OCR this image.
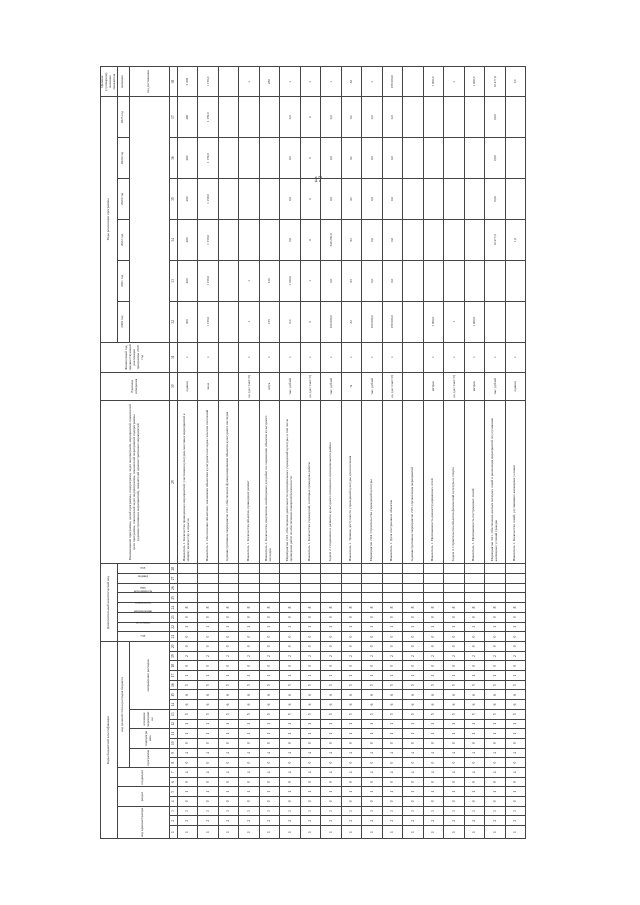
17
Коды бюджетной классификации																				Дополнительный аналитический код								Наименование программы, целей программы, подпрограмм, задач подпрограмм, мероприятий, показателей цели программы, показателей задач подпрограммы, показателей мероприятий подпрограммы (административных мероприятий), показателей административных мероприятий	Единица измерения	Финансовый год, предшествующий реализации программы 2019 год	Годы реализации программы						Целевое (суммарное) значение показателя
код администратора			раздел		подраздел		код целевой статьи расходов бюджета													год	источник	направление	показатель	исполнитель	вид	подвид	код				2020 год	2021 год	2022 год	2023 год	2024 год	2025 год	значение
							программа		подпрограмма		основное мероприятие		направление расходов																								год достижения
1	2	3	4	5	6	7	8	9	10	11	12	13	14	15	16	17	18	19	20	21	22	23	24	25	26	27	28	29	30	31	32	33	34	35	36	37	38
1	2	3	0	1	0	4	0	4	0	1	1	5	6	6	5	1	0	2	0	0	1	0	8					Показатель 1. Количество проведенных мероприятий, участников культурно-массовых мероприятий к общему количеству в отрасли	единиц	х	300	400	480	480	480	480	2 208
1	2	3	0	1	0	4	0	4	0	1	1	5	6	6	5	1	0	2	0	0	1	0	8					Показатель 2. Обеспечение объектами, значимыми объектами культурного наследия сельских поселений	кв.м	х	1 159,0	1 159,0	1 159,0	1 159,0	1 159,0	1 159,0	1 159,0
1	2	3	0	1	0	4	0	4	0	1	1	5	6	6	5	1	0	2	0	0	1	0	8					Административное мероприятие 2.02. Обеспечение функционирования объектов культурного наследия									
1	2	3	0	1	0	4	0	4	0	1	1	5	6	6	5	1	0	2	0	0	1	0	8					Показатель 1. Количество объектов, прошедших ремонт	ед. (да=1/нет=0)	х	1	1					х
1	2	3	0	1	0	4	0	4	0	1	1	5	6	6	5	1	0	2	0	0	1	0	8					Показатель 2. Количество документов, необходимых для работ по сохранению объектов культурного наследия	штук	х	155	120					280
1	2	3	0	1	0	4	0	4	0	1	1	5	6	6	5	1	0	2	0	0	1	0	8					Мероприятие 2.03. Обеспечение деятельности муниципальных учреждений культуры, в том числе проведение работ по обеспечению пожарной безопасности	тыс. рублей	х	0,0	1 030,0	0,0	0,0	0,0	0,0	х
1	2	3	0	1	0	4	0	4	0	1	1	5	6	6	5	1	0	2	0	0	1	0	8					Показатель 1. Количество учреждений, в которых проведены работы	ед. (да=1/нет=0)	х	0	1	0	0	0	0	х
1	2	3	0	1	0	4	0	4	0	1	1	5	6	6	5	1	0	2	0	0	1	0	8					Задача 2. Сохранение и развитие культурного потенциала муниципального района	тыс. рублей	х	100 000,0	0,0	249 250,0	0,0	0,0	0,0	х
1	2	3	0	1	0	4	0	4	0	1	1	5	6	6	5	1	0	2	0	0	1	0	8					Показатель 1. Уровень доступности учреждений культуры для населения	%	х	82	82	82	82	82	82	82
1	2	3	0	1	0	4	0	4	0	1	1	5	6	6	5	1	0	2	0	0	1	0	8					Мероприятие 2.04. Строительство учреждений культуры	тыс. рублей	х	100 000,0	0,0	0,0	0,0	0,0	0,0	х
1	2	3	0	1	0	4	0	4	0	1	1	5	6	6	5	1	0	2	0	0	1	0	8					Показатель 1. Доля построенных объектов	ед. (да=1/нет=0)	х	259 000,0	0,0	0,0	0,0	0,0	0,0	259 000,0
1	2	3	0	1	0	4	0	4	0	1	1	5	6	6	5	1	0	2	0	0	1	0	8					Административное мероприятие 2.05. Организация мероприятий									
1	2	3	0	1	0	4	0	4	0	1	1	5	6	6	5	1	0	2	0	0	1	0	8					Показатель 1. Протяженность реконструированных сетей	метров	х	1 000,0						1 000,0
1	2	3	0	1	0	4	0	4	0	1	1	5	6	6	5	1	0	2	0	0	1	0	8					Задача 3. Строительство объектов физической культуры и спорта	ед. (да=1/нет=0)	х	1						х
1	2	3	0	1	0	4	0	4	0	1	1	5	6	6	5	1	0	2	0	0	1	0	8					Показатель 1. Протяженность построенных линий	метров	х	1 000,0						1 000,0
1	2	3	0	1	0	4	0	4	0	1	1	5	6	6	5	1	0	2	0	0	1	0	8					Мероприятие 3.01. Обеспечение жильем молодых семей и реализация мероприятий по улучшению жилищных условий граждан	тыс. рублей	х			10 477,0	0,00	0,00	0,00	10 477,0
1	2	3	0	1	0	4	0	4	0	1	1	5	6	6	5	1	0	2	0	0	1	0	8					Показатель 1. Количество семей, улучшивших жилищные условия	единиц	х			1,0				1,0
